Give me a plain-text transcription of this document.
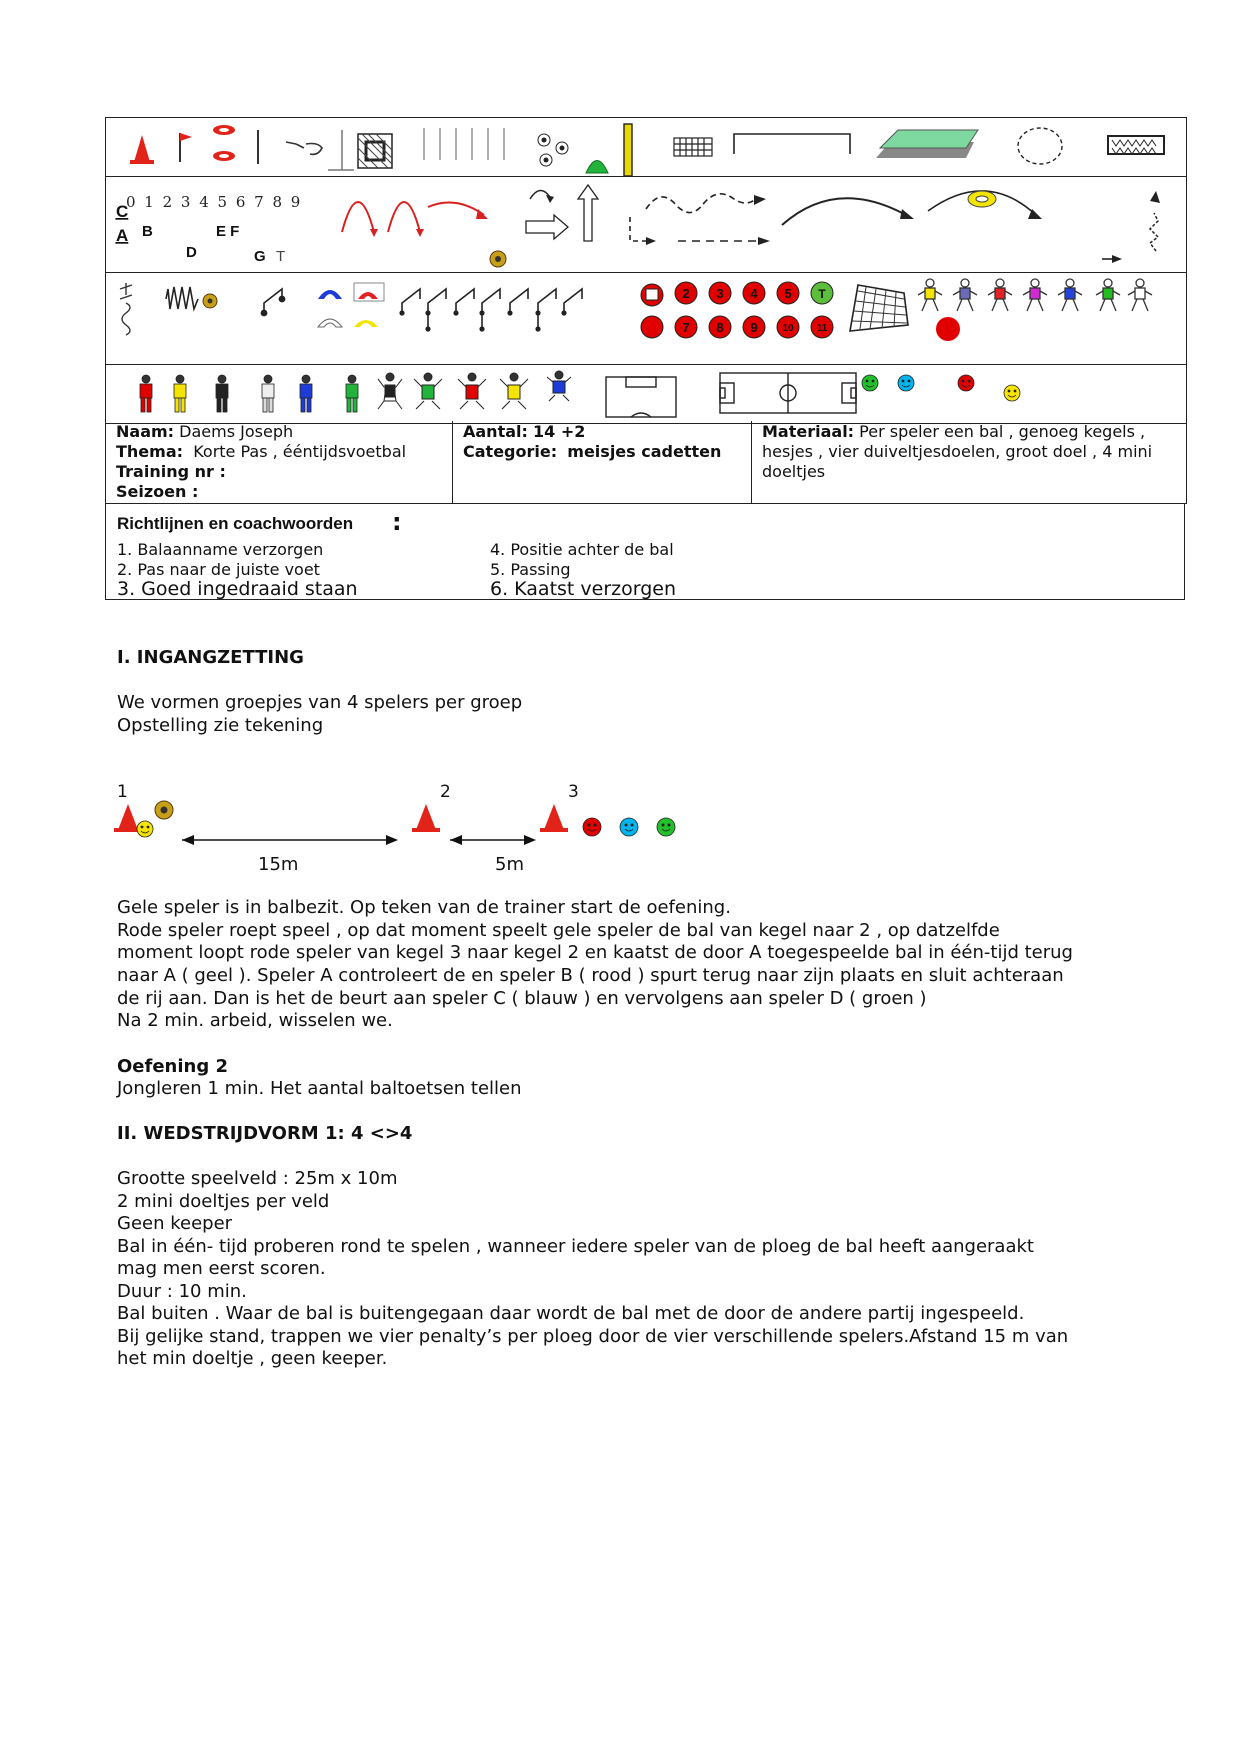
0 1 2 3 4 5 6 7 8 9
C
A B	E F
D	G T
2 3 4 5 T
7 8 9 10 11
Naam: Daems Joseph
Thema: Korte Pas , ééntijdsvoetbal
Training nr :
Seizoen :
Aantal: 14 +2
Categorie: meisjes cadetten
Materiaal: Per speler een bal , genoeg kegels , hesjes , vier duiveltjesdoelen, groot doel , 4 mini doeltjes
Richtlijnen en coachwoorden :
1. Balaanname verzorgen
2. Pas naar de juiste voet
3. Goed ingedraaid staan
4. Positie achter de bal
5. Passing
6. Kaatst verzorgen
I. INGANGZETTING
We vormen groepjes van 4 spelers per groep
Opstelling zie tekening
1	2	3
15m	5m
Gele speler is in balbezit. Op teken van de trainer start de oefening.
Rode speler roept speel , op dat moment speelt gele speler de bal van kegel naar 2 , op datzelfde
moment loopt rode speler van kegel 3 naar kegel 2 en kaatst de door A toegespeelde bal in één-tijd terug
naar A ( geel ). Speler A controleert de en speler B ( rood ) spurt terug naar zijn plaats en sluit achteraan
de rij aan. Dan is het de beurt aan speler C ( blauw ) en vervolgens aan speler D ( groen )
Na 2 min. arbeid, wisselen we.
Oefening 2
Jongleren 1 min. Het aantal baltoetsen tellen
II. WEDSTRIJDVORM 1: 4 <>4
Grootte speelveld : 25m x 10m
2 mini doeltjes per veld
Geen keeper
Bal in één- tijd proberen rond te spelen , wanneer iedere speler van de ploeg de bal heeft aangeraakt
mag men eerst scoren.
Duur : 10 min.
Bal buiten . Waar de bal is buitengegaan daar wordt de bal met de door de andere partij ingespeeld.
Bij gelijke stand, trappen we vier penalty’s per ploeg door de vier verschillende spelers.Afstand 15 m van
het min doeltje , geen keeper.
